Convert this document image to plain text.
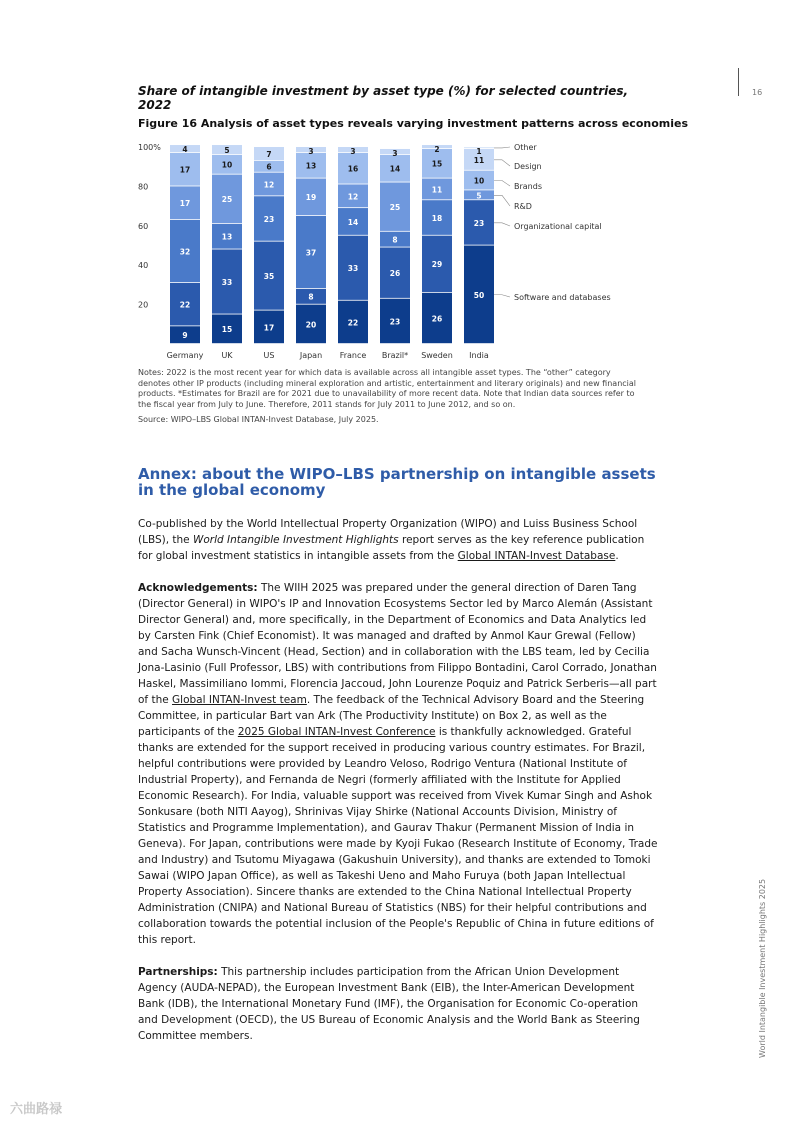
16
Share of intangible investment by asset type (%) for selected countries, 2022
Figure 16 Analysis of asset types reveals varying investment patterns across economies
20
40
60
80
100%
9
22
32
17
17
4
Germany
15
33
13
25
10
5
UK
17
35
23
12
6
7
US
20
8
37
19
13
3
Japan
22
33
14
12
16
3
France
23
26
8
25
14
3
Brazil*
26
29
18
11
15
2
Sweden
50
23
5
10
11
1
India
Other
Design
Brands
R&D
Organizational capital
Software and databases
Notes: 2022 is the most recent year for which data is available across all intangible asset types. The “other” category denotes other IP products (including mineral exploration and artistic, entertainment and literary originals) and new financial products. *Estimates for Brazil are for 2021 due to unavailability of more recent data. Note that Indian data sources refer to the fiscal year from July to June. Therefore, 2011 stands for July 2011 to June 2012, and so on.
Source: WIPO–LBS Global INTAN-Invest Database, July 2025.
Annex: about the WIPO–LBS partnership on intangible assets in the global economy
Co-published by the World Intellectual Property Organization (WIPO) and Luiss Business School (LBS), the World Intangible Investment Highlights report serves as the key reference publication for global investment statistics in intangible assets from the Global INTAN-Invest Database.
Acknowledgements: The WIIH 2025 was prepared under the general direction of Daren Tang (Director General) in WIPO's IP and Innovation Ecosystems Sector led by Marco Alemán (Assistant Director General) and, more specifically, in the Department of Economics and Data Analytics led by Carsten Fink (Chief Economist). It was managed and drafted by Anmol Kaur Grewal (Fellow) and Sacha Wunsch-Vincent (Head, Section) and in collaboration with the LBS team, led by Cecilia Jona-Lasinio (Full Professor, LBS) with contributions from Filippo Bontadini, Carol Corrado, Jonathan Haskel, Massimiliano Iommi, Florencia Jaccoud, John Lourenze Poquiz and Patrick Serberis—all part of the Global INTAN-Invest team. The feedback of the Technical Advisory Board and the Steering Committee, in particular Bart van Ark (The Productivity Institute) on Box 2, as well as the participants of the 2025 Global INTAN-Invest Conference is thankfully acknowledged. Grateful thanks are extended for the support received in producing various country estimates. For Brazil, helpful contributions were provided by Leandro Veloso, Rodrigo Ventura (National Institute of Industrial Property), and Fernanda de Negri (formerly affiliated with the Institute for Applied Economic Research). For India, valuable support was received from Vivek Kumar Singh and Ashok Sonkusare (both NITI Aayog), Shrinivas Vijay Shirke (National Accounts Division, Ministry of Statistics and Programme Implementation), and Gaurav Thakur (Permanent Mission of India in Geneva). For Japan, contributions were made by Kyoji Fukao (Research Institute of Economy, Trade and Industry) and Tsutomu Miyagawa (Gakushuin University), and thanks are extended to Tomoki Sawai (WIPO Japan Office), as well as Takeshi Ueno and Maho Furuya (both Japan Intellectual Property Association). Sincere thanks are extended to the China National Intellectual Property Administration (CNIPA) and National Bureau of Statistics (NBS) for their helpful contributions and collaboration towards the potential inclusion of the People's Republic of China in future editions of this report.
Partnerships: This partnership includes participation from the African Union Development Agency (AUDA-NEPAD), the European Investment Bank (EIB), the Inter-American Development Bank (IDB), the International Monetary Fund (IMF), the Organisation for Economic Co-operation and Development (OECD), the US Bureau of Economic Analysis and the World Bank as Steering Committee members.	World Intangible Investment Highlights 2025
六曲路禄
